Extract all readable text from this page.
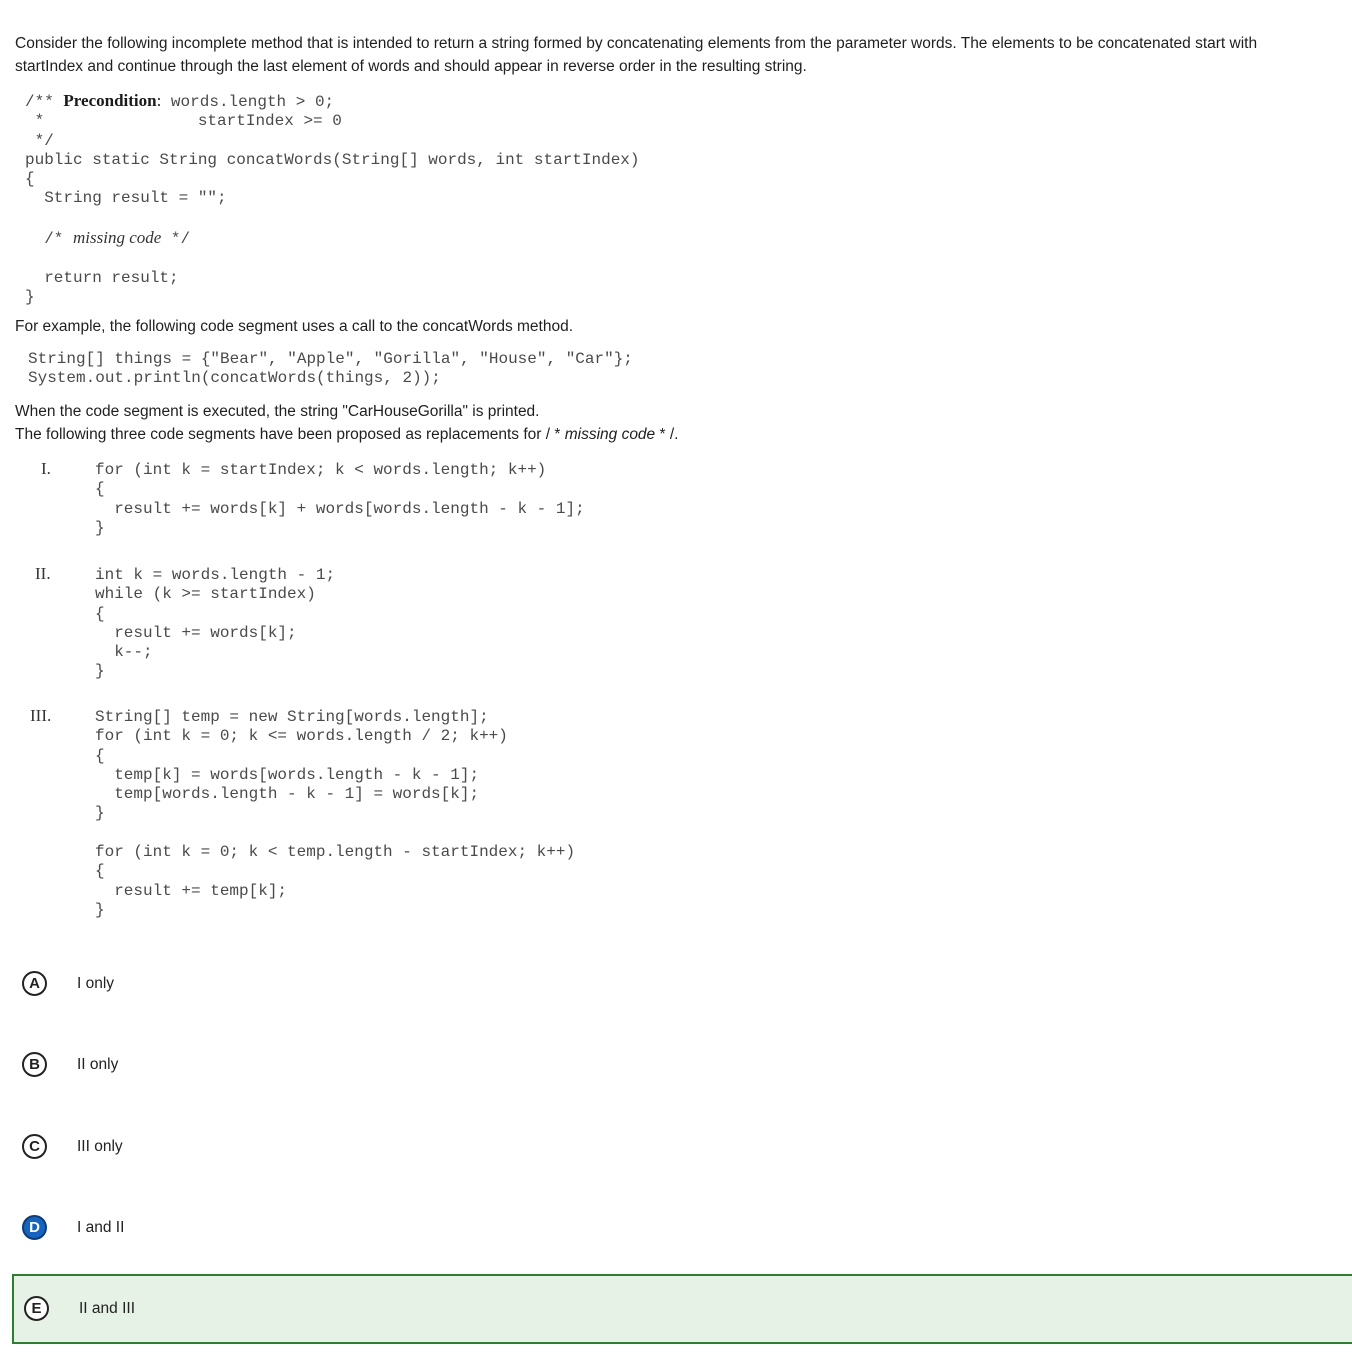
Consider the following incomplete method that is intended to return a string formed by concatenating elements from the parameter words. The elements to be concatenated start with startIndex and continue through the last element of words and should appear in reverse order in the resulting string.

/** Precondition: words.length > 0;
*                startIndex >= 0
*/
public static String concatWords(String[] words, int startIndex)
{
String result = "";

/* missing code */

return result;
}

For example, the following code segment uses a call to the concatWords method.

String[] things = {"Bear", "Apple", "Gorilla", "House", "Car"};
System.out.println(concatWords(things, 2));

When the code segment is executed, the string "CarHouseGorilla" is printed.

The following three code segments have been proposed as replacements for / * missing code * /.

I.	for (int k = startIndex; k < words.length; k++)
{
result += words[k] + words[words.length - k - 1];
}
II.	int k = words.length - 1;
while (k >= startIndex)
{
result += words[k];
k--;
}
III.	String[] temp = new String[words.length];
for (int k = 0; k <= words.length / 2; k++)
{
temp[k] = words[words.length - k - 1];
temp[words.length - k - 1] = words[k];
}

for (int k = 0; k < temp.length - startIndex; k++)
{
result += temp[k];
}
A	I only
B	II only
C	III only
D	I and II
E	II and III
